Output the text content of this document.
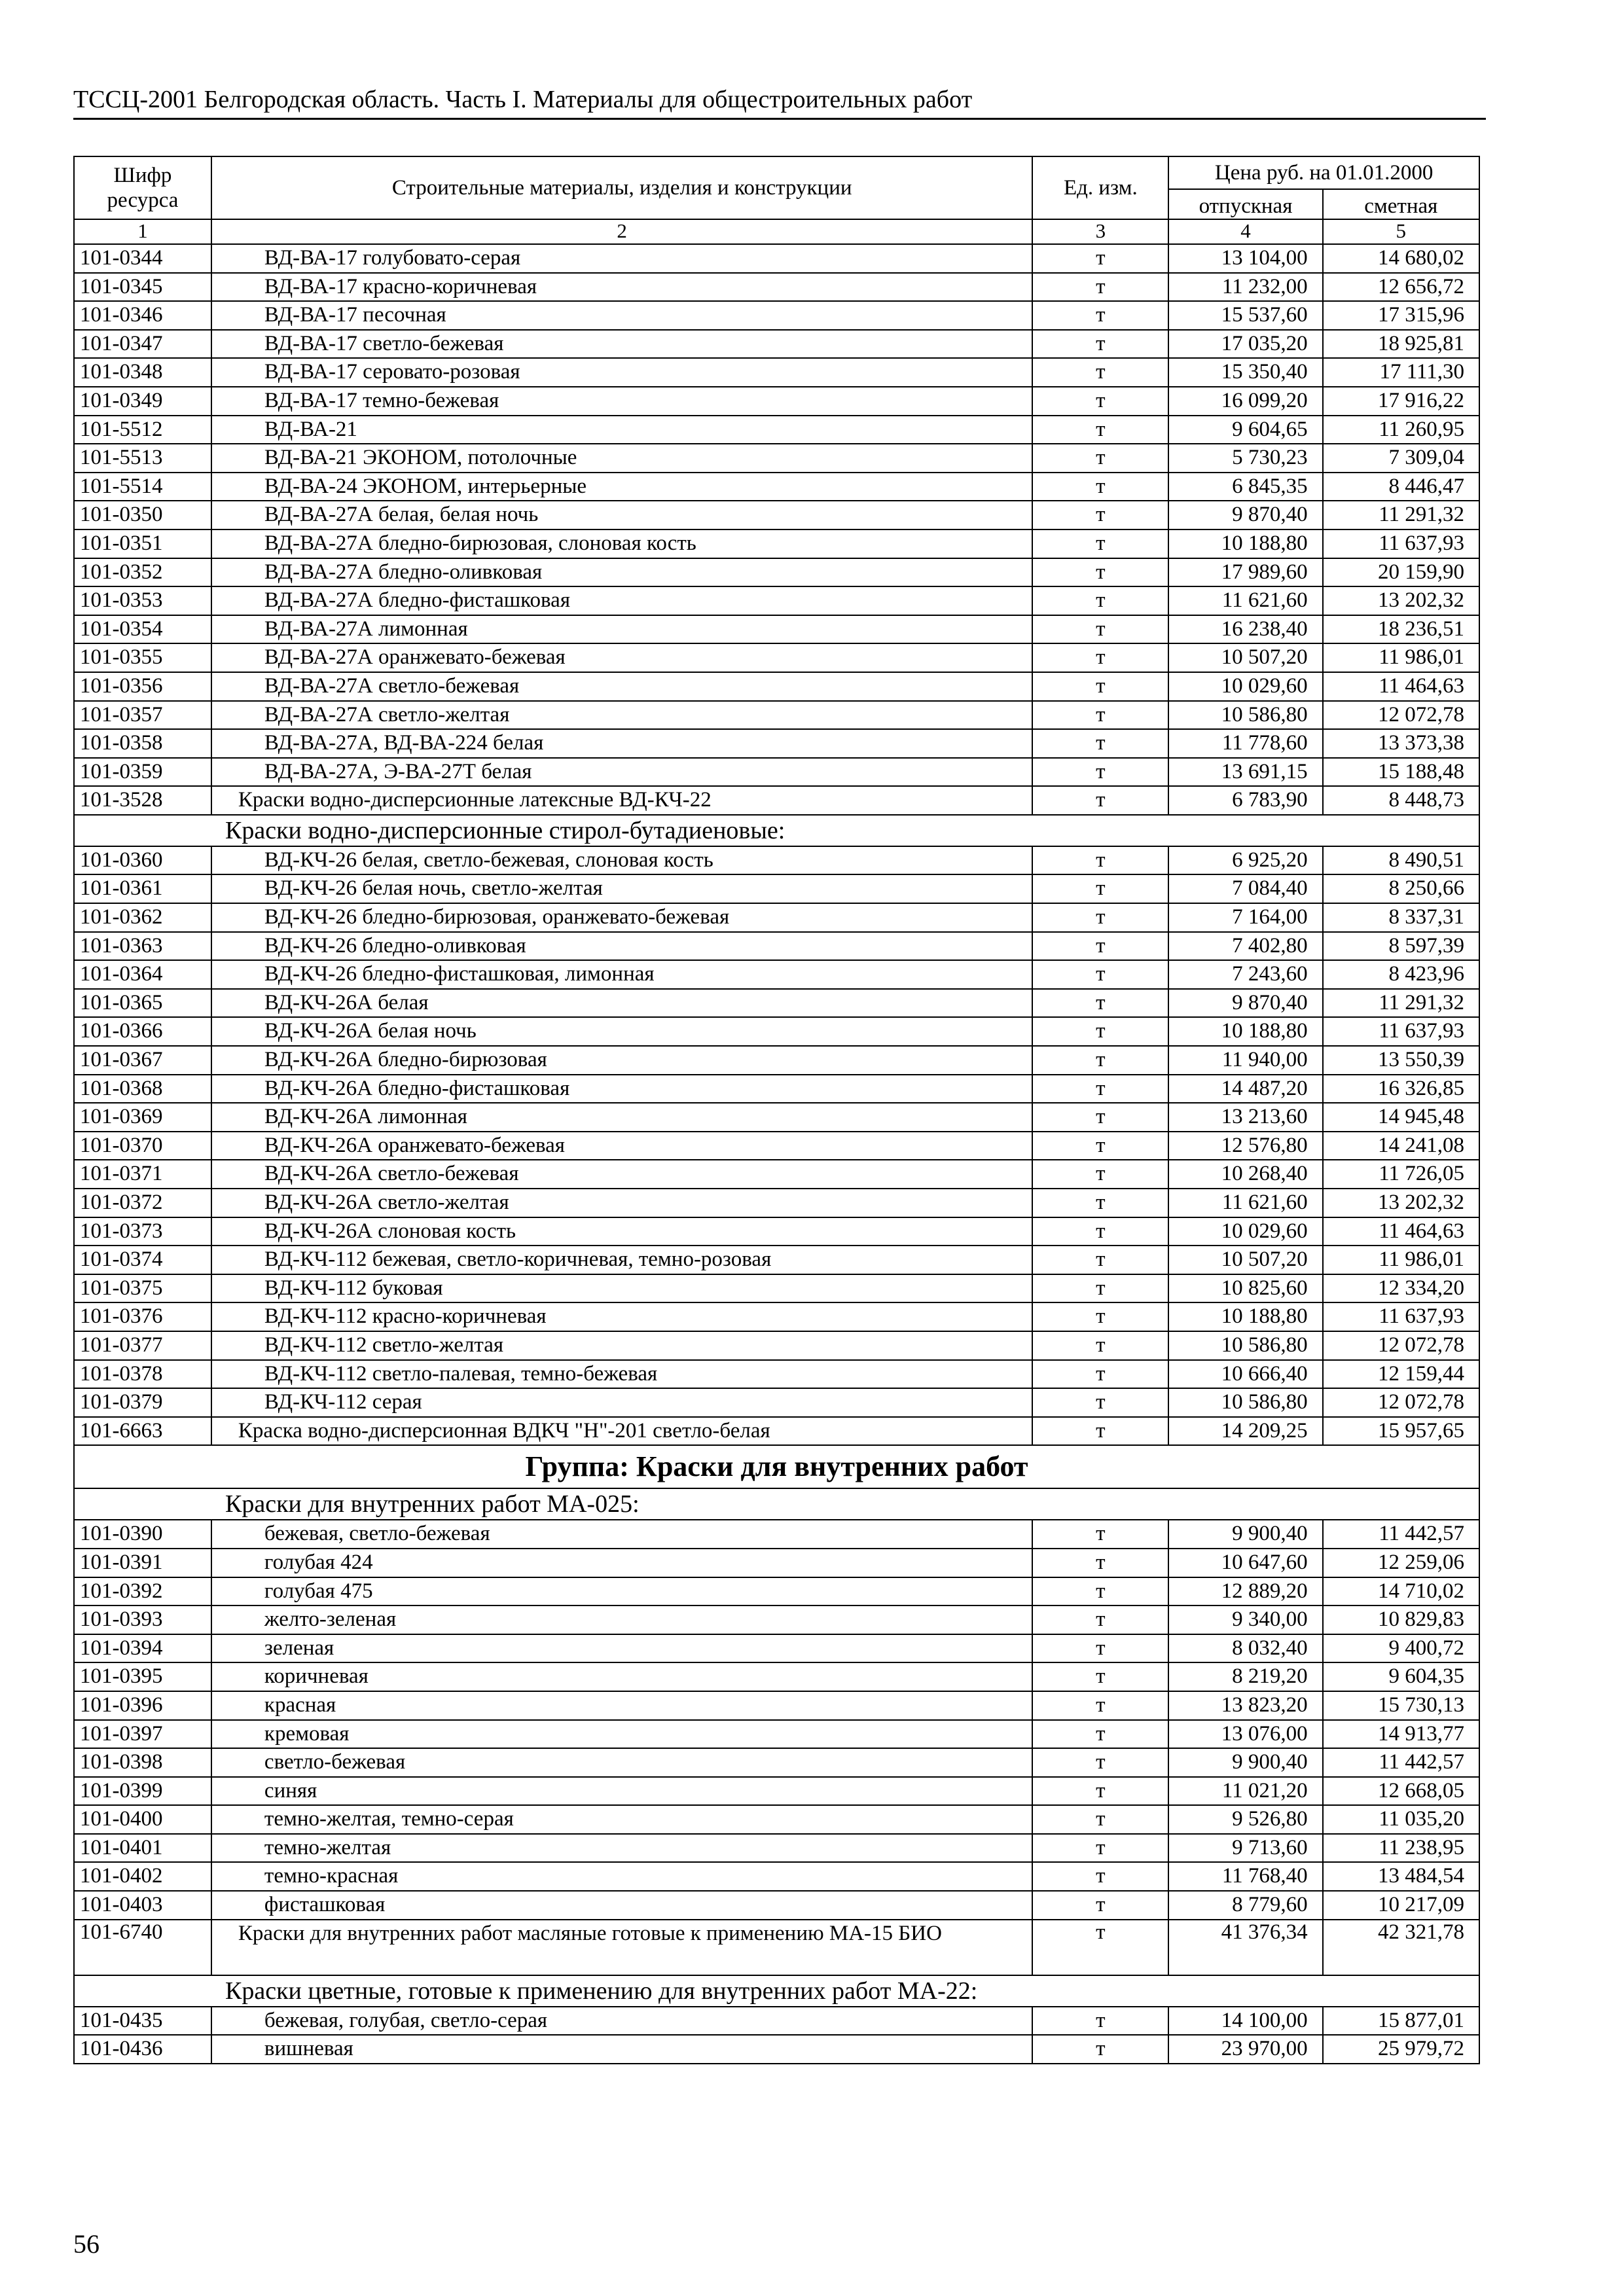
ТССЦ-2001 Белгородская область. Часть I. Материалы для общестроительных работ
Шифр ресурса	Строительные материалы, изделия и конструкции	Ед. изм.	Цена руб. на 01.01.2000	
			отпускная	сметная
1	2	3	4	5
101-0344	ВД-ВА-17 голубовато-серая	т	13 104,00	14 680,02
101-0345	ВД-ВА-17 красно-коричневая	т	11 232,00	12 656,72
101-0346	ВД-ВА-17 песочная	т	15 537,60	17 315,96
101-0347	ВД-ВА-17 светло-бежевая	т	17 035,20	18 925,81
101-0348	ВД-ВА-17 серовато-розовая	т	15 350,40	17 111,30
101-0349	ВД-ВА-17 темно-бежевая	т	16 099,20	17 916,22
101-5512	ВД-ВА-21	т	9 604,65	11 260,95
101-5513	ВД-ВА-21 ЭКОНОМ, потолочные	т	5 730,23	7 309,04
101-5514	ВД-ВА-24 ЭКОНОМ, интерьерные	т	6 845,35	8 446,47
101-0350	ВД-ВА-27А белая, белая ночь	т	9 870,40	11 291,32
101-0351	ВД-ВА-27А бледно-бирюзовая, слоновая кость	т	10 188,80	11 637,93
101-0352	ВД-ВА-27А бледно-оливковая	т	17 989,60	20 159,90
101-0353	ВД-ВА-27А бледно-фисташковая	т	11 621,60	13 202,32
101-0354	ВД-ВА-27А лимонная	т	16 238,40	18 236,51
101-0355	ВД-ВА-27А оранжевато-бежевая	т	10 507,20	11 986,01
101-0356	ВД-ВА-27А светло-бежевая	т	10 029,60	11 464,63
101-0357	ВД-ВА-27А светло-желтая	т	10 586,80	12 072,78
101-0358	ВД-ВА-27А, ВД-ВА-224 белая	т	11 778,60	13 373,38
101-0359	ВД-ВА-27А, Э-ВА-27Т белая	т	13 691,15	15 188,48
101-3528	Краски водно-дисперсионные латексные ВД-КЧ-22	т	6 783,90	8 448,73
Краски водно-дисперсионные стирол-бутадиеновые:				
101-0360	ВД-КЧ-26 белая, светло-бежевая, слоновая кость	т	6 925,20	8 490,51
101-0361	ВД-КЧ-26 белая ночь, светло-желтая	т	7 084,40	8 250,66
101-0362	ВД-КЧ-26 бледно-бирюзовая, оранжевато-бежевая	т	7 164,00	8 337,31
101-0363	ВД-КЧ-26 бледно-оливковая	т	7 402,80	8 597,39
101-0364	ВД-КЧ-26 бледно-фисташковая, лимонная	т	7 243,60	8 423,96
101-0365	ВД-КЧ-26А белая	т	9 870,40	11 291,32
101-0366	ВД-КЧ-26А белая ночь	т	10 188,80	11 637,93
101-0367	ВД-КЧ-26А бледно-бирюзовая	т	11 940,00	13 550,39
101-0368	ВД-КЧ-26А бледно-фисташковая	т	14 487,20	16 326,85
101-0369	ВД-КЧ-26А лимонная	т	13 213,60	14 945,48
101-0370	ВД-КЧ-26А оранжевато-бежевая	т	12 576,80	14 241,08
101-0371	ВД-КЧ-26А светло-бежевая	т	10 268,40	11 726,05
101-0372	ВД-КЧ-26А светло-желтая	т	11 621,60	13 202,32
101-0373	ВД-КЧ-26А слоновая кость	т	10 029,60	11 464,63
101-0374	ВД-КЧ-112 бежевая, светло-коричневая, темно-розовая	т	10 507,20	11 986,01
101-0375	ВД-КЧ-112 буковая	т	10 825,60	12 334,20
101-0376	ВД-КЧ-112 красно-коричневая	т	10 188,80	11 637,93
101-0377	ВД-КЧ-112 светло-желтая	т	10 586,80	12 072,78
101-0378	ВД-КЧ-112 светло-палевая, темно-бежевая	т	10 666,40	12 159,44
101-0379	ВД-КЧ-112 серая	т	10 586,80	12 072,78
101-6663	Краска водно-дисперсионная ВДКЧ "Н"-201 светло-белая	т	14 209,25	15 957,65
Группа: Краски для внутренних работ				
Краски для внутренних работ МА-025:				
101-0390	бежевая, светло-бежевая	т	9 900,40	11 442,57
101-0391	голубая 424	т	10 647,60	12 259,06
101-0392	голубая 475	т	12 889,20	14 710,02
101-0393	желто-зеленая	т	9 340,00	10 829,83
101-0394	зеленая	т	8 032,40	9 400,72
101-0395	коричневая	т	8 219,20	9 604,35
101-0396	красная	т	13 823,20	15 730,13
101-0397	кремовая	т	13 076,00	14 913,77
101-0398	светло-бежевая	т	9 900,40	11 442,57
101-0399	синяя	т	11 021,20	12 668,05
101-0400	темно-желтая, темно-серая	т	9 526,80	11 035,20
101-0401	темно-желтая	т	9 713,60	11 238,95
101-0402	темно-красная	т	11 768,40	13 484,54
101-0403	фисташковая	т	8 779,60	10 217,09
101-6740	Краски для внутренних работ масляные готовые к применению МА-15 БИО	т	41 376,34	42 321,78
Краски цветные, готовые к применению для внутренних работ МА-22:				
101-0435	бежевая, голубая, светло-серая	т	14 100,00	15 877,01
101-0436	вишневая	т	23 970,00	25 979,72
56
